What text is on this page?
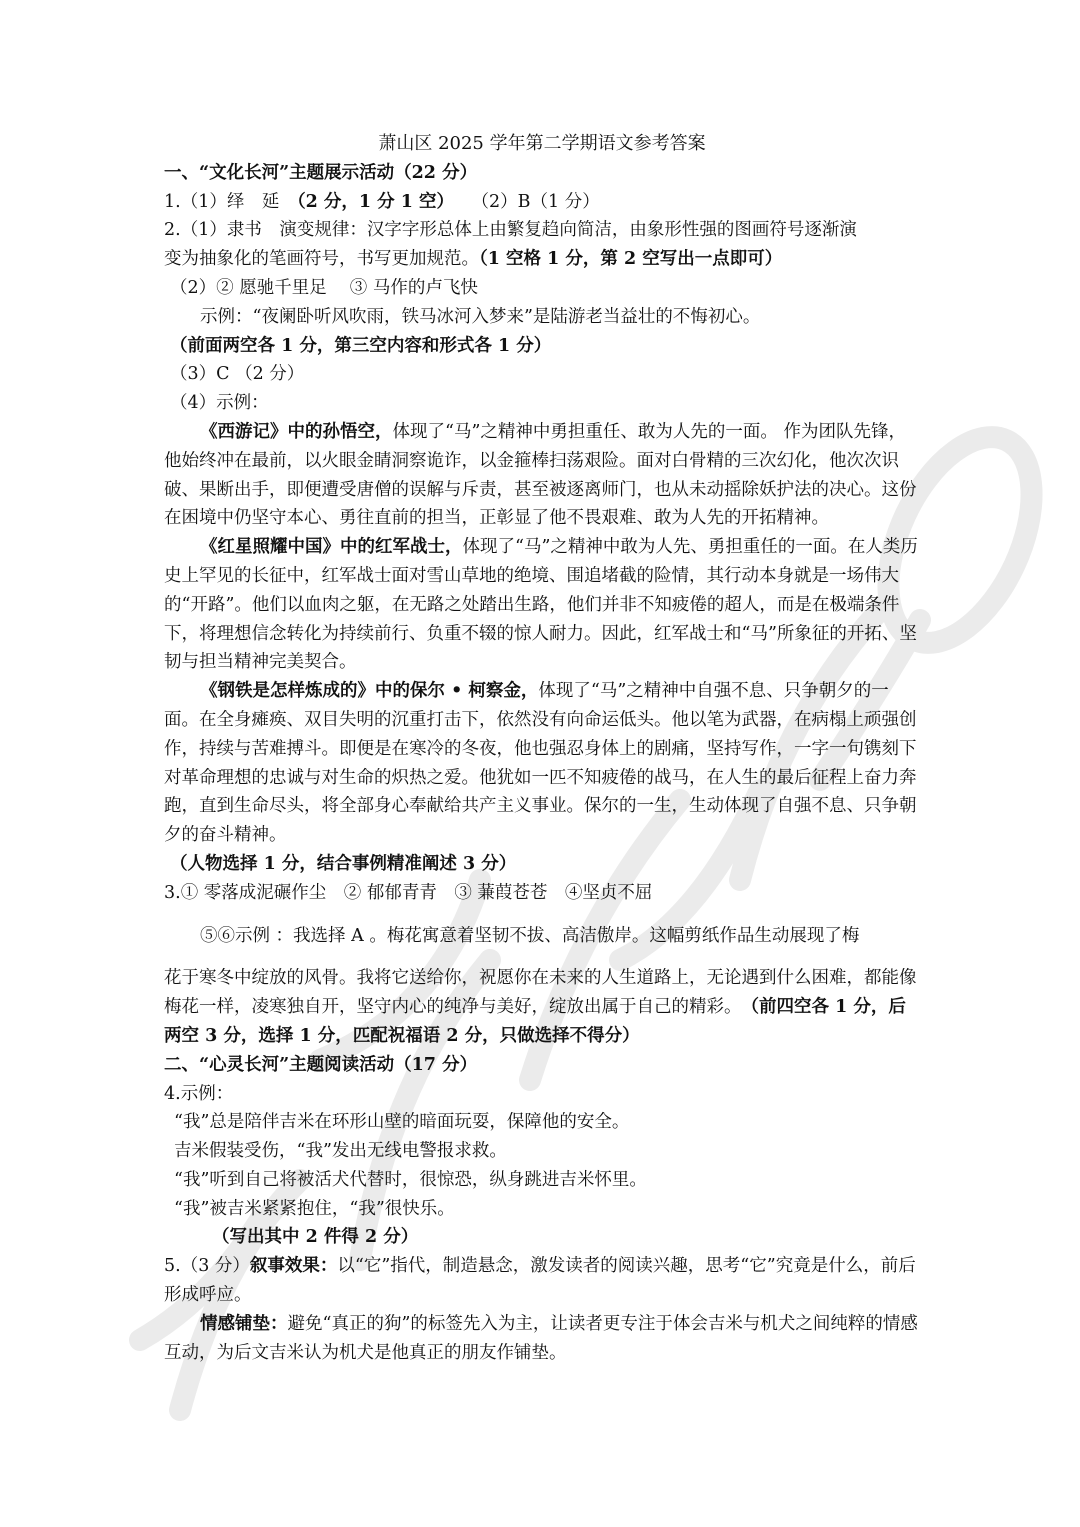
萧山区 2025 学年第二学期语文参考答案

一、“文化长河”主题展示活动（22 分）

1.（1）绎　延　（2 分，1 分 1 空）　　（2）B（1 分）

2.（1）隶书　演变规律：汉字字形总体上由繁复趋向简洁，由象形性强的图画符号逐渐演

变为抽象化的笔画符号，书写更加规范。（1 空格 1 分，第 2 空写出一点即可）

（2）② 愿驰千里足　 ③ 马作的卢飞快

示例：“夜阑卧听风吹雨，铁马冰河入梦来”是陆游老当益壮的不悔初心。

（前面两空各 1 分，第三空内容和形式各 1 分）

（3）C （2 分）

（4）示例：

《西游记》中的孙悟空，体现了“马”之精神中勇担重任、敢为人先的一面。 作为团队先锋，他始终冲在最前，以火眼金睛洞察诡诈，以金箍棒扫荡艰险。面对白骨精的三次幻化，他次次识破、果断出手，即便遭受唐僧的误解与斥责，甚至被逐离师门，也从未动摇除妖护法的决心。这份在困境中仍坚守本心、勇往直前的担当，正彰显了他不畏艰难、敢为人先的开拓精神。

《红星照耀中国》中的红军战士，体现了“马”之精神中敢为人先、勇担重任的一面。在人类历史上罕见的长征中，红军战士面对雪山草地的绝境、围追堵截的险情，其行动本身就是一场伟大的“开路”。他们以血肉之躯，在无路之处踏出生路，他们并非不知疲倦的超人，而是在极端条件下，将理想信念转化为持续前行、负重不辍的惊人耐力。因此，红军战士和“马”所象征的开拓、坚韧与担当精神完美契合。

《钢铁是怎样炼成的》中的保尔 • 柯察金，体现了“马”之精神中自强不息、只争朝夕的一面。在全身瘫痪、双目失明的沉重打击下，依然没有向命运低头。他以笔为武器，在病榻上顽强创作，持续与苦难搏斗。即便是在寒冷的冬夜，他也强忍身体上的剧痛，坚持写作，一字一句镌刻下对革命理想的忠诚与对生命的炽热之爱。他犹如一匹不知疲倦的战马，在人生的最后征程上奋力奔跑，直到生命尽头，将全部身心奉献给共产主义事业。保尔的一生，生动体现了自强不息、只争朝夕的奋斗精神。

（人物选择 1 分，结合事例精准阐述 3 分）

3.① 零落成泥碾作尘　② 郁郁青青　③ 蒹葭苍苍　④坚贞不屈

⑤⑥示例 ：我选择 A 。梅花寓意着坚韧不拔、高洁傲岸。这幅剪纸作品生动展现了梅

花于寒冬中绽放的风骨。我将它送给你，祝愿你在未来的人生道路上，无论遇到什么困难，都能像梅花一样，凌寒独自开，坚守内心的纯净与美好，绽放出属于自己的精彩。　（前四空各 1 分，后两空 3 分，选择 1 分，匹配祝福语 2 分，只做选择不得分）

二、“心灵长河”主题阅读活动（17 分）

4.示例：

“我”总是陪伴吉米在环形山壁的暗面玩耍，保障他的安全。

吉米假装受伤，“我”发出无线电警报求救。

“我”听到自己将被活犬代替时，很惊恐，纵身跳进吉米怀里。

“我”被吉米紧紧抱住，“我”很快乐。

（写出其中 2 件得 2 分）

5.（3 分）叙事效果：以“它”指代，制造悬念，激发读者的阅读兴趣，思考“它”究竟是什么，前后形成呼应。

情感铺垫：避免“真正的狗”的标签先入为主，让读者更专注于体会吉米与机犬之间纯粹的情感互动，为后文吉米认为机犬是他真正的朋友作铺垫。
